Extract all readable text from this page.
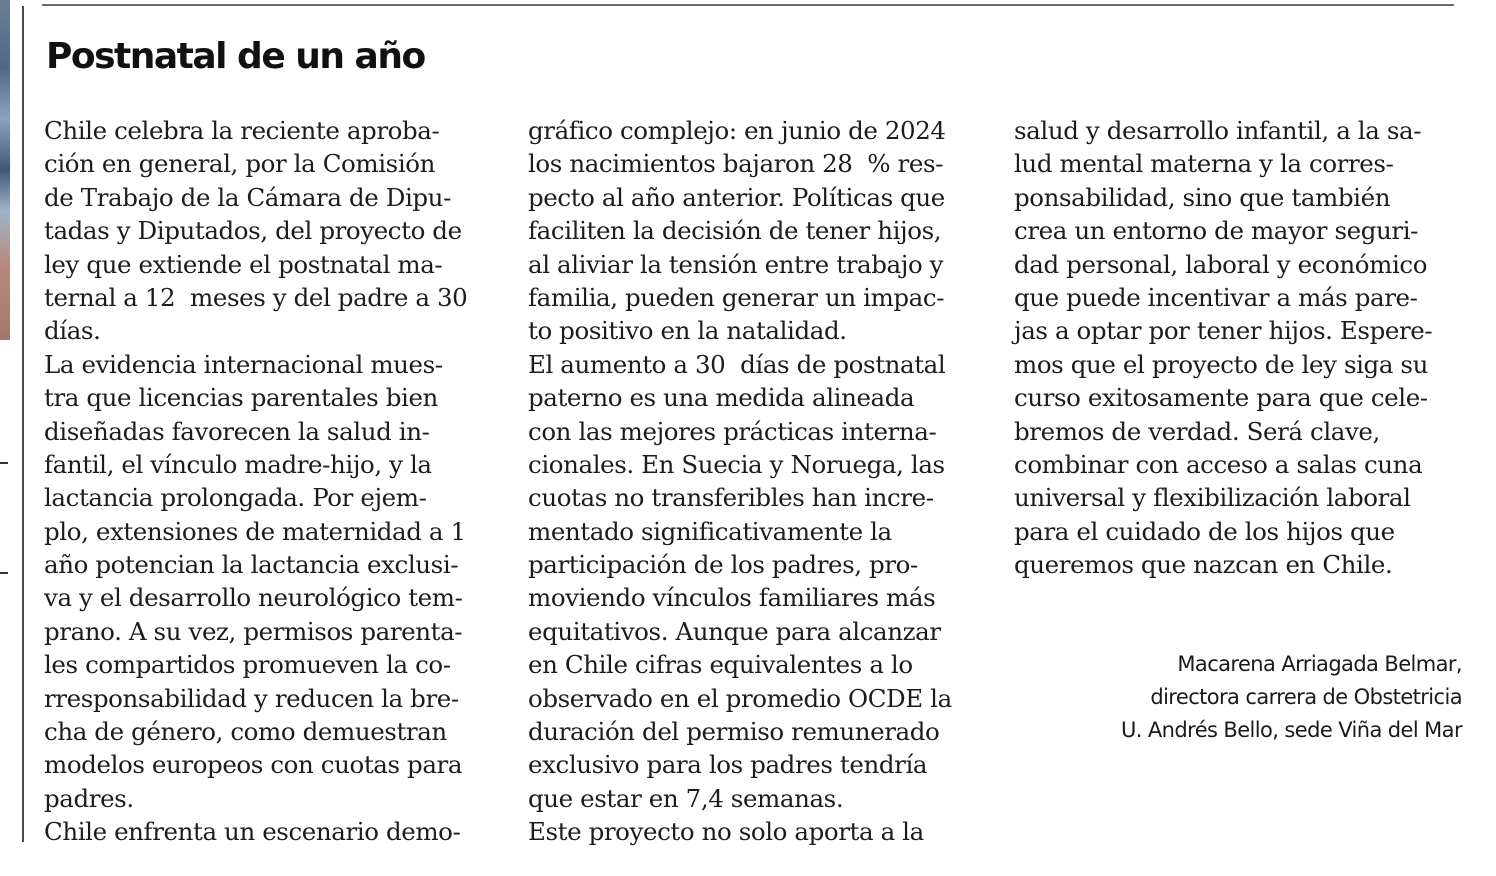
Postnatal de un año
Chile celebra la reciente aproba-
ción en general, por la Comisión
de Trabajo de la Cámara de Dipu-
tadas y Diputados, del proyecto de
ley que extiende el postnatal ma-
ternal a 12  meses y del padre a 30
días.
La evidencia internacional mues-
tra que licencias parentales bien
diseñadas favorecen la salud in-
fantil, el vínculo madre-hijo, y la
lactancia prolongada. Por ejem-
plo, extensiones de maternidad a 1
año potencian la lactancia exclusi-
va y el desarrollo neurológico tem-
prano. A su vez, permisos parenta-
les compartidos promueven la co-
rresponsabilidad y reducen la bre-
cha de género, como demuestran
modelos europeos con cuotas para
padres.
Chile enfrenta un escenario demo-
gráfico complejo: en junio de 2024
los nacimientos bajaron 28  % res-
pecto al año anterior. Políticas que
faciliten la decisión de tener hijos,
al aliviar la tensión entre trabajo y
familia, pueden generar un impac-
to positivo en la natalidad.
El aumento a 30  días de postnatal
paterno es una medida alineada
con las mejores prácticas interna-
cionales. En Suecia y Noruega, las
cuotas no transferibles han incre-
mentado significativamente la
participación de los padres, pro-
moviendo vínculos familiares más
equitativos. Aunque para alcanzar
en Chile cifras equivalentes a lo
observado en el promedio OCDE la
duración del permiso remunerado
exclusivo para los padres tendría
que estar en 7,4 semanas.
Este proyecto no solo aporta a la
salud y desarrollo infantil, a la sa-
lud mental materna y la corres-
ponsabilidad, sino que también
crea un entorno de mayor seguri-
dad personal, laboral y económico
que puede incentivar a más pare-
jas a optar por tener hijos. Espere-
mos que el proyecto de ley siga su
curso exitosamente para que cele-
bremos de verdad. Será clave,
combinar con acceso a salas cuna
universal y flexibilización laboral
para el cuidado de los hijos que
queremos que nazcan en Chile.
Macarena Arriagada Belmar,
directora carrera de Obstetricia
U. Andrés Bello, sede Viña del Mar
